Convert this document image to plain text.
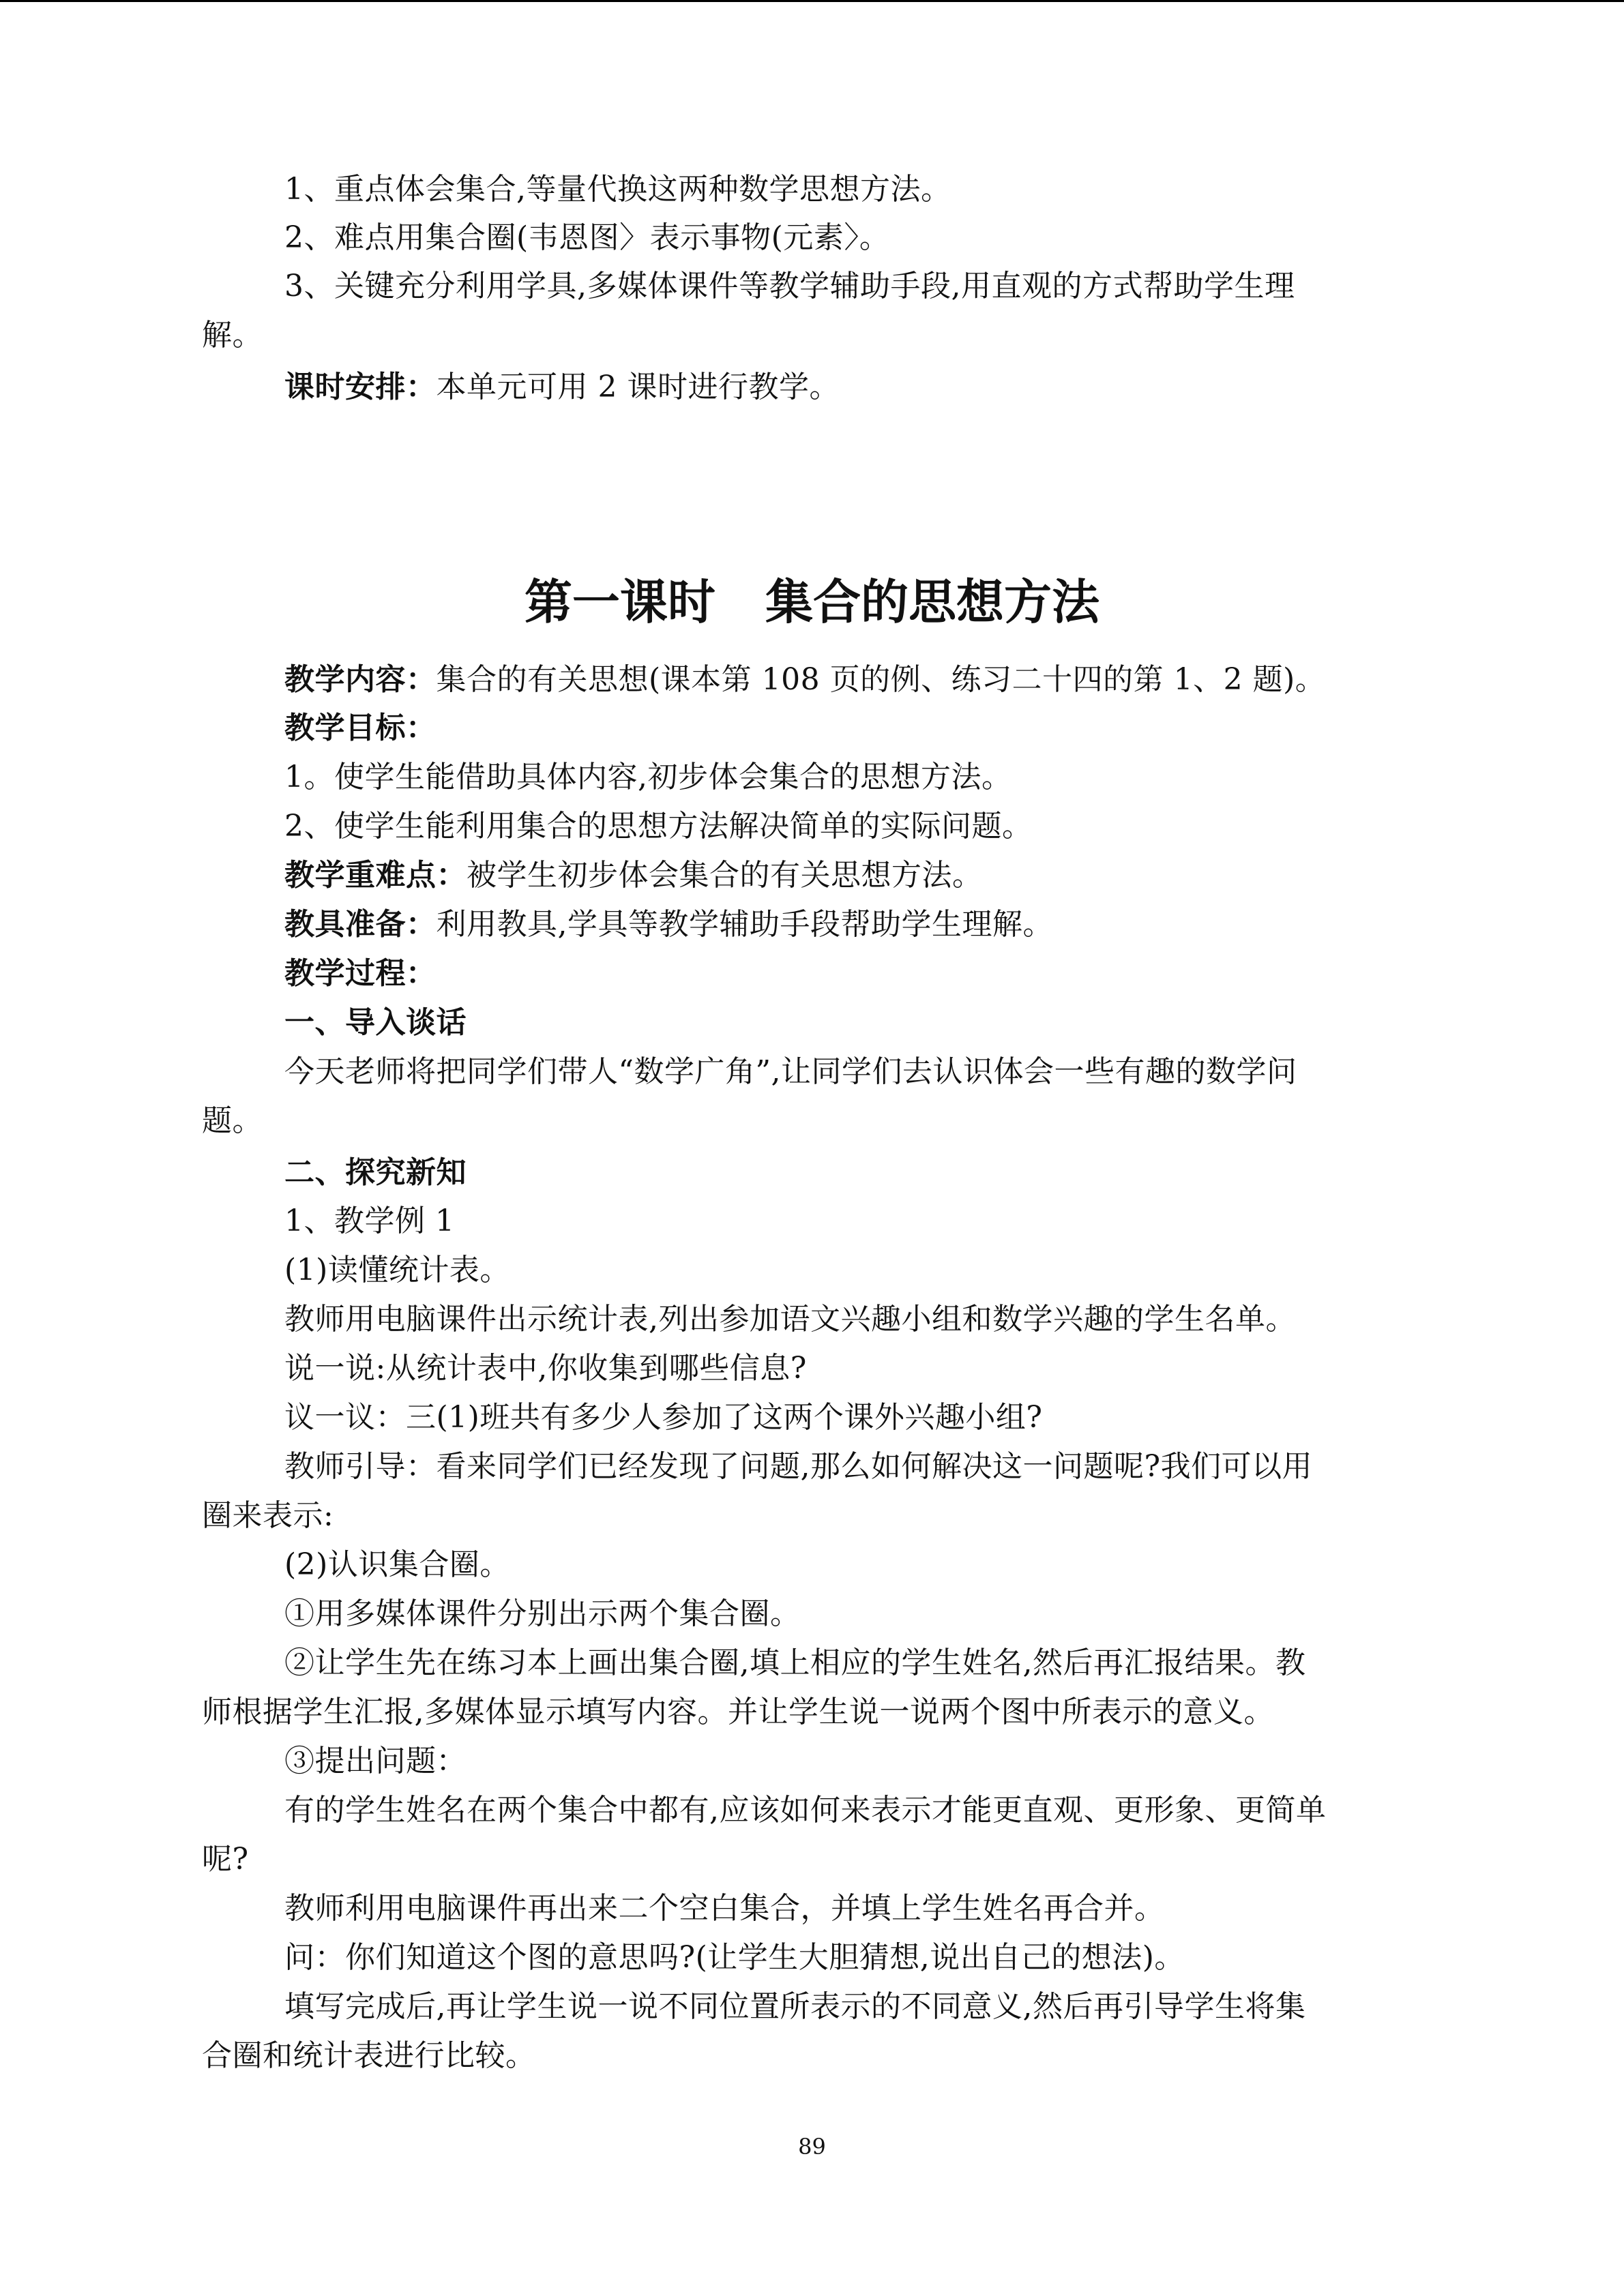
1、重点体会集合,等量代换这两种数学思想方法。
2、难点用集合圈(韦恩图〉表示事物(元素〉。
3、关键充分利用学具,多媒体课件等教学辅助手段,用直观的方式帮助学生理
解。
课时安排：本单元可用 2 课时进行教学。
第一课时   集合的思想方法
教学内容：集合的有关思想(课本第 108 页的例、练习二十四的第 1、2 题)。
教学目标：
1。使学生能借助具体内容,初步体会集合的思想方法。
2、使学生能利用集合的思想方法解决简单的实际问题。
教学重难点：被学生初步体会集合的有关思想方法。
教具准备：利用教具,学具等教学辅助手段帮助学生理解。
教学过程：
一、导入谈话
今天老师将把同学们带人“数学广角”,让同学们去认识体会一些有趣的数学问
题。
二、探究新知
1、教学例 1
(1)读懂统计表。
教师用电脑课件出示统计表,列出参加语文兴趣小组和数学兴趣的学生名单。
说一说:从统计表中,你收集到哪些信息?
议一议：三(1)班共有多少人参加了这两个课外兴趣小组?
教师引导：看来同学们已经发现了问题,那么如何解决这一问题呢?我们可以用
圈来表示:
(2)认识集合圈。
①用多媒体课件分别出示两个集合圈。
②让学生先在练习本上画出集合圈,填上相应的学生姓名,然后再汇报结果。教
师根据学生汇报,多媒体显示填写内容。并让学生说一说两个图中所表示的意义。
③提出问题：
有的学生姓名在两个集合中都有,应该如何来表示才能更直观、更形象、更简单
呢?
教师利用电脑课件再出来二个空白集合，并填上学生姓名再合并。
问：你们知道这个图的意思吗?(让学生大胆猜想,说出自己的想法)。
填写完成后,再让学生说一说不同位置所表示的不同意义,然后再引导学生将集
合圈和统计表进行比较。
89
